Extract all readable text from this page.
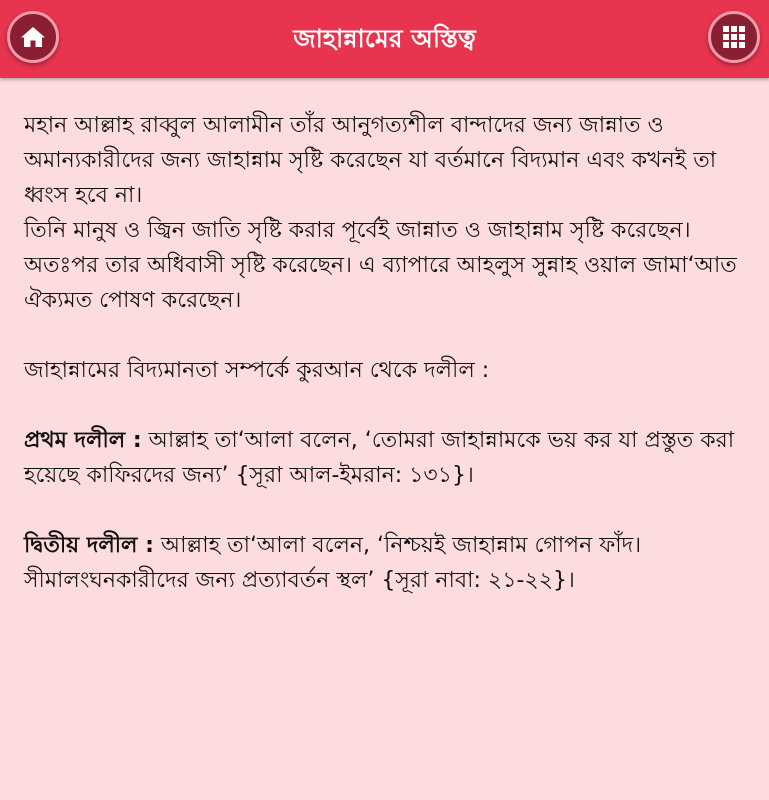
জাহান্নামের অস্তিত্ব

মহান আল্লাহ রাব্বুল আলামীন তাঁর আনুগত্যশীল বান্দাদের জন্য জান্নাত ও অমান্যকারীদের জন্য জাহান্নাম সৃষ্টি করেছেন যা বর্তমানে বিদ্যমান এবং কখনই তা ধ্বংস হবে না।

তিনি মানুষ ও জ্বিন জাতি সৃষ্টি করার পূর্বেই জান্নাত ও জাহান্নাম সৃষ্টি করেছেন। অতঃপর তার অধিবাসী সৃষ্টি করেছেন। এ ব্যাপারে আহলুস সুন্নাহ ওয়াল জামা‘আত ঐক্যমত পোষণ করেছেন।

জাহান্নামের বিদ্যমানতা সম্পর্কে কুরআন থেকে দলীল :

প্রথম দলীল : আল্লাহ তা‘আলা বলেন, ‘তোমরা জাহান্নামকে ভয় কর যা প্রস্তুত করা হয়েছে কাফিরদের জন্য’ {সূরা আল-ইমরান: ১৩১}।

দ্বিতীয় দলীল : আল্লাহ তা‘আলা বলেন, ‘নিশ্চয়ই জাহান্নাম গোপন ফাঁদ। সীমালংঘনকারীদের জন্য প্রত্যাবর্তন স্থল’ {সূরা নাবা: ২১-২২}।
